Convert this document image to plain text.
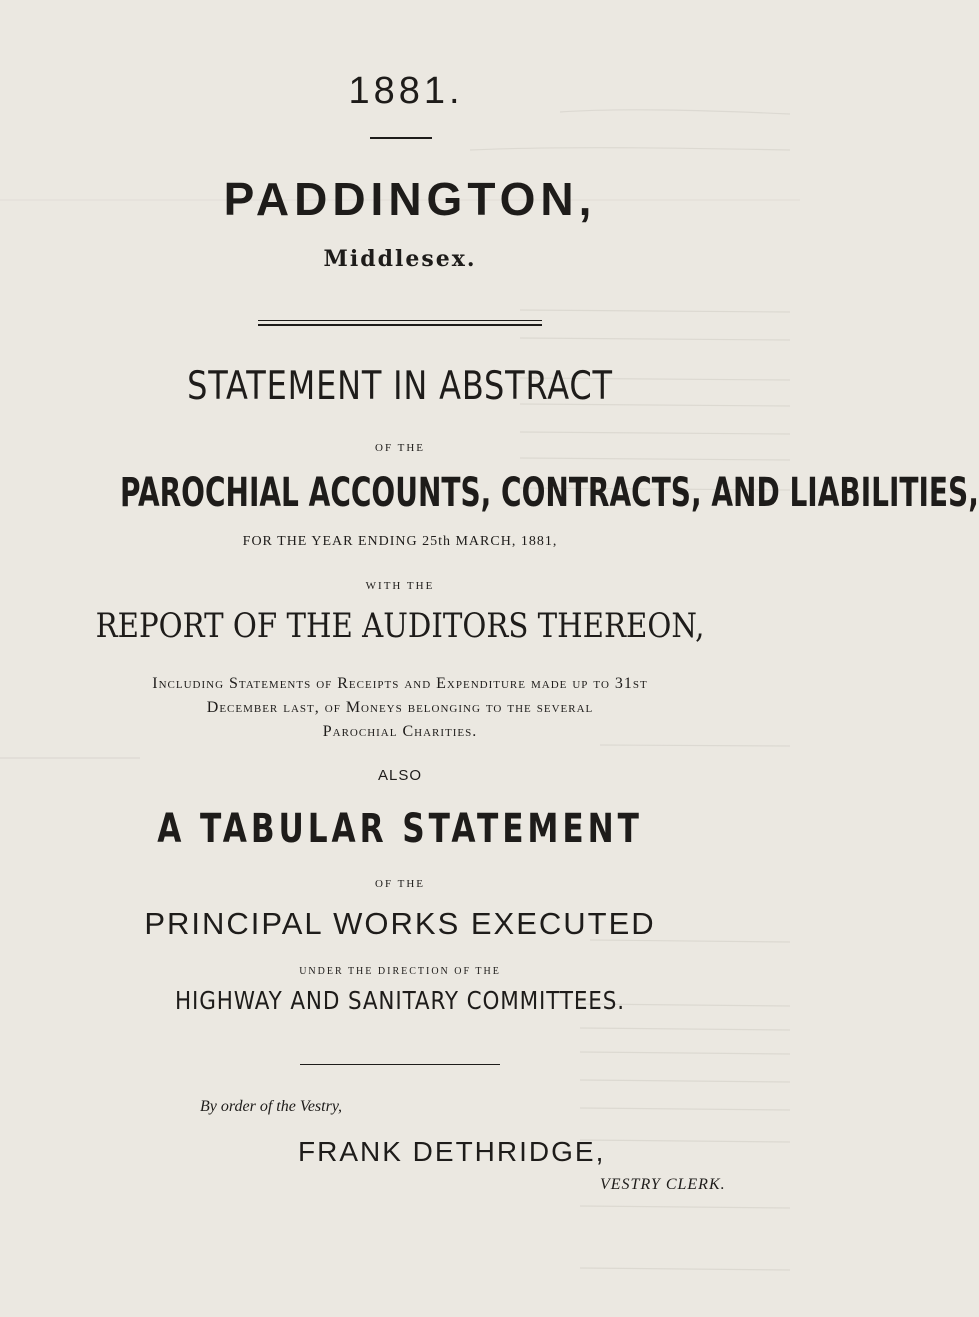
1881.
PADDINGTON,
Middlesex.
STATEMENT IN ABSTRACT
OF THE
PAROCHIAL ACCOUNTS, CONTRACTS, AND LIABILITIES,
FOR THE YEAR ENDING 25th MARCH, 1881,
WITH THE
REPORT OF THE AUDITORS THEREON,
Including Statements of Receipts and Expenditure made up to 31st
December last, of Moneys belonging to the several
Parochial Charities.
ALSO
A TABULAR STATEMENT
OF THE
PRINCIPAL WORKS EXECUTED
UNDER THE DIRECTION OF THE
HIGHWAY AND SANITARY COMMITTEES.
By order of the Vestry,
FRANK DETHRIDGE,
VESTRY CLERK.
